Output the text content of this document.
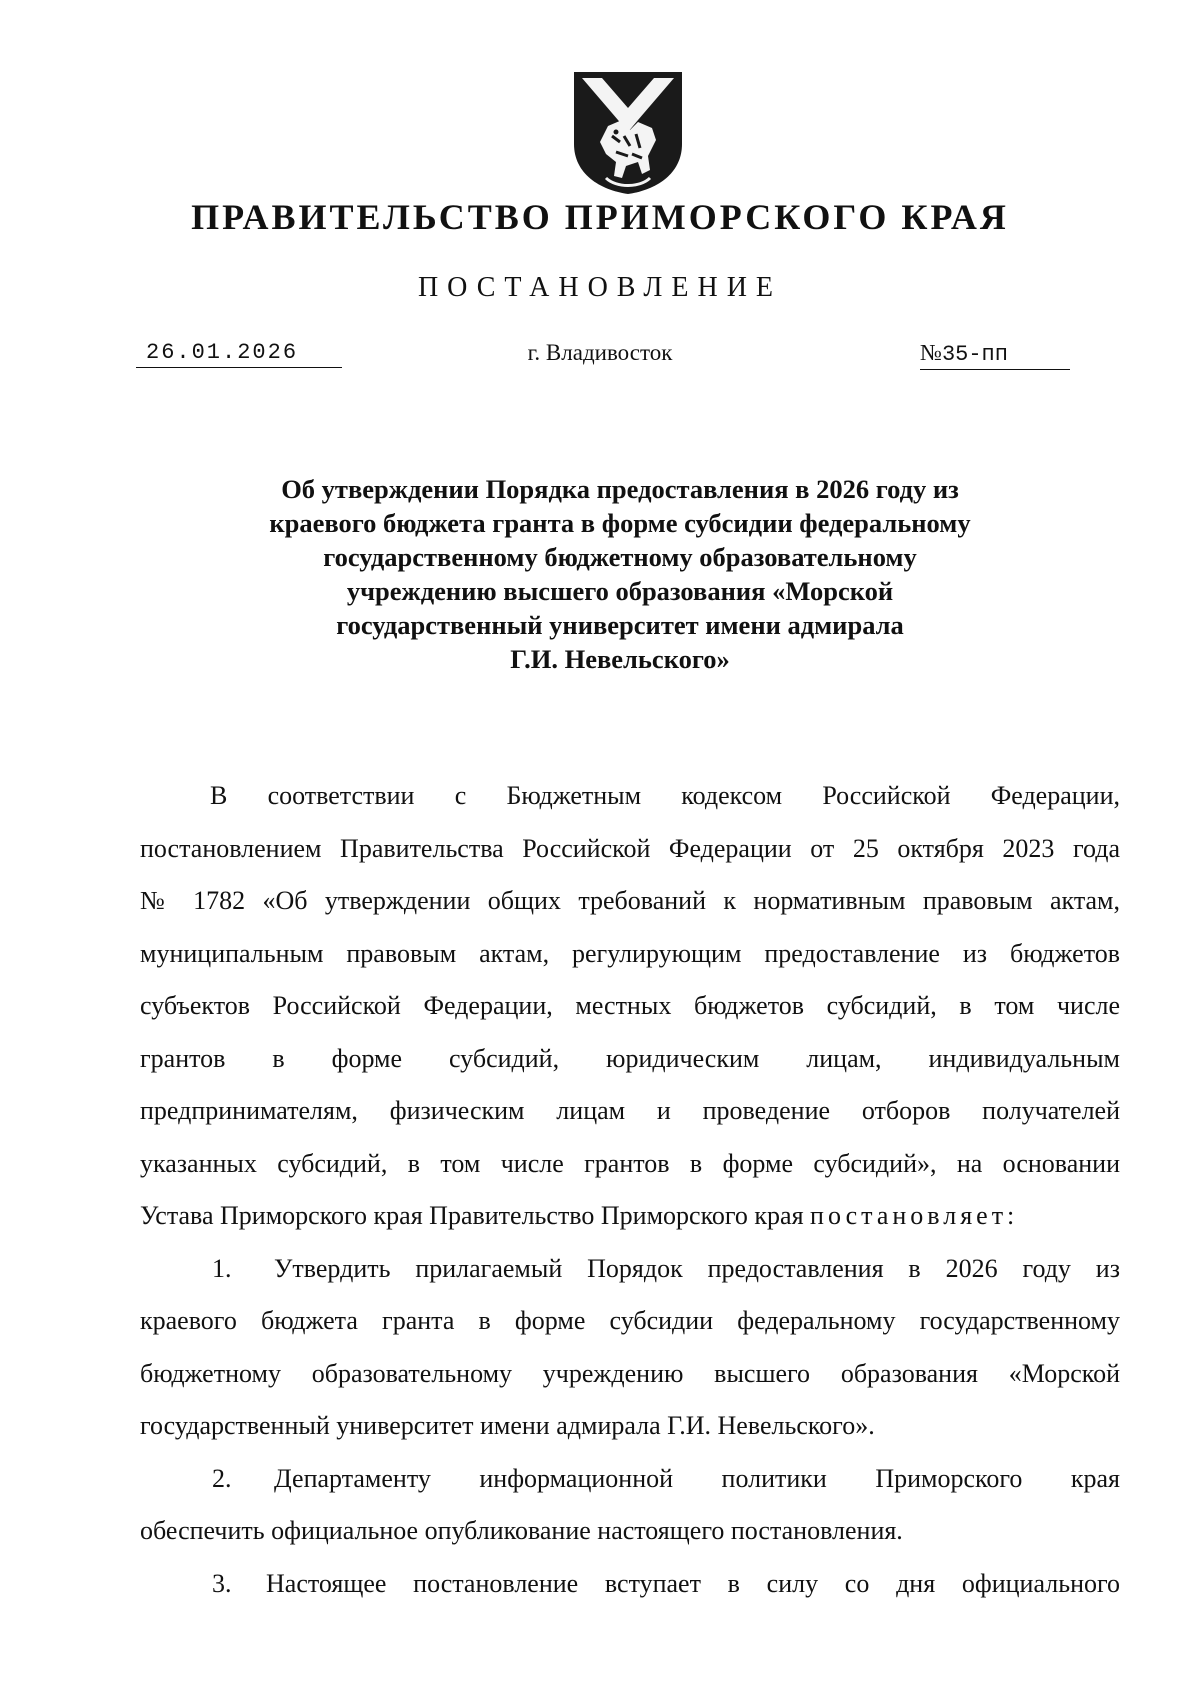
ПРАВИТЕЛЬСТВО ПРИМОРСКОГО КРАЯ
ПОСТАНОВЛЕНИЕ
26.01.2026	г. Владивосток	№35-пп
Об утверждении Порядка предоставления в 2026 году из
краевого бюджета гранта в форме субсидии федеральному
государственному бюджетному образовательному
учреждению высшего образования «Морской
государственный университет имени адмирала
Г.И. Невельского»
В соответствии с Бюджетным кодексом Российской Федерации,
постановлением Правительства Российской Федерации от 25 октября 2023 года
№ 1782 «Об утверждении общих требований к нормативным правовым актам,
муниципальным правовым актам, регулирующим предоставление из бюджетов
субъектов Российской Федерации, местных бюджетов субсидий, в том числе
грантов в форме субсидий, юридическим лицам, индивидуальным
предпринимателям, физическим лицам и проведение отборов получателей
указанных субсидий, в том числе грантов в форме субсидий», на основании
Устава Приморского края Правительство Приморского края постановляет:
1.	Утвердить прилагаемый Порядок предоставления в 2026 году из
краевого бюджета гранта в форме субсидии федеральному государственному
бюджетному образовательному учреждению высшего образования «Морской
государственный университет имени адмирала Г.И. Невельского».
2.	Департаменту информационной политики Приморского края
обеспечить официальное опубликование настоящего постановления.
3.	Настоящее постановление вступает в силу со дня официального
